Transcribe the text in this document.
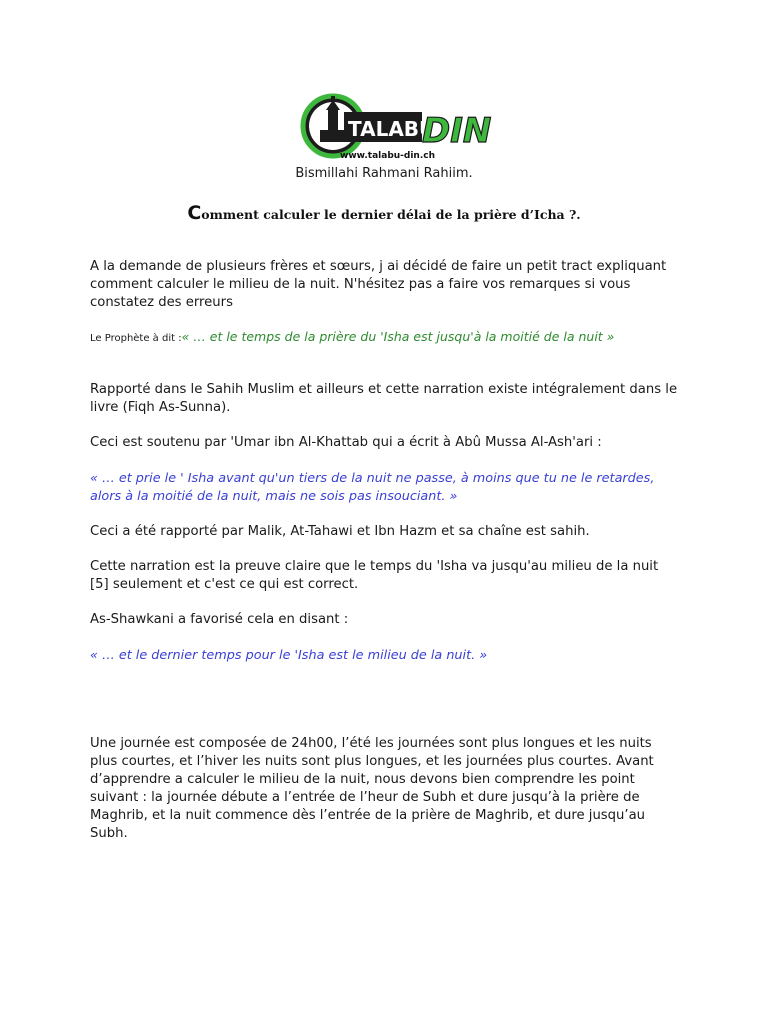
TALABU
DIN
www.talabu-din.ch
Bismillahi Rahmani Rahiim.
Comment calculer le dernier délai de la prière d’Icha ?.
A la demande de plusieurs frères et sœurs, j ai décidé de faire un petit tract expliquant comment calculer le milieu de la nuit. N'hésitez pas a faire vos remarques si vous constatez des erreurs
Le Prophète à dit :« … et le temps de la prière du 'Isha est jusqu'à la moitié de la nuit »
Rapporté dans le Sahih Muslim et ailleurs et cette narration existe intégralement dans le livre (Fiqh As-Sunna).
Ceci est soutenu par 'Umar ibn Al-Khattab qui a écrit à Abû Mussa Al-Ash'ari :
« … et prie le ' Isha avant qu'un tiers de la nuit ne passe, à moins que tu ne le retardes, alors à la moitié de la nuit, mais ne sois pas insouciant. »
Ceci a été rapporté par Malik, At-Tahawi et Ibn Hazm et sa chaîne est sahih.
Cette narration est la preuve claire que le temps du 'Isha va jusqu'au milieu de la nuit [5] seulement et c'est ce qui est correct.
As-Shawkani a favorisé cela en disant :
« … et le dernier temps pour le 'Isha est le milieu de la nuit. »
Une journée est composée de 24h00, l’été les journées sont plus longues et les nuits plus courtes, et l’hiver les nuits sont plus longues, et les journées plus courtes. Avant d’apprendre a calculer le milieu de la nuit, nous devons bien comprendre les point suivant : la journée débute a l’entrée de l’heur de Subh et dure jusqu’à la prière de Maghrib, et la nuit commence dès l’entrée de la prière de Maghrib, et dure jusqu’au Subh.
